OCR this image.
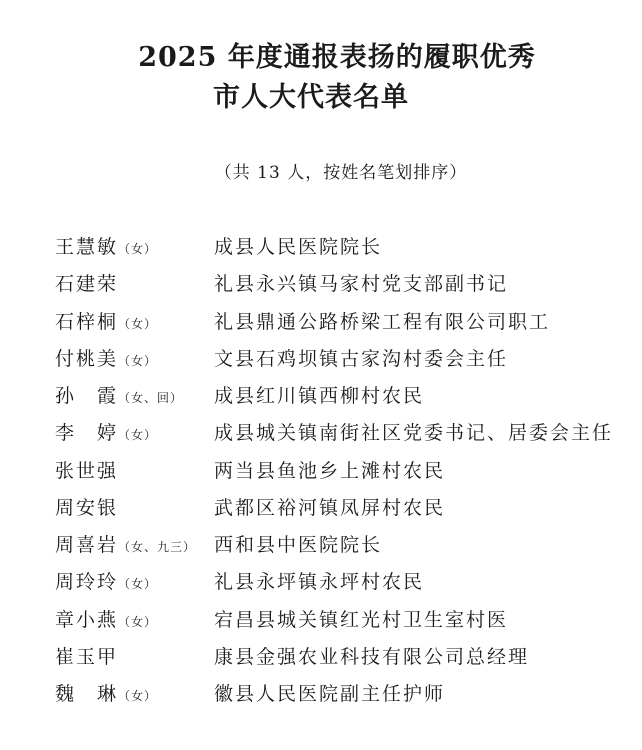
2025 年度通报表扬的履职优秀
市人大代表名单
（共 13 人，按姓名笔划排序）
王慧敏（女）	成县人民医院院长
石建荣	礼县永兴镇马家村党支部副书记
石梓桐（女）	礼县鼎通公路桥梁工程有限公司职工
付桃美（女）	文县石鸡坝镇古家沟村委会主任
孙　霞（女、回） 成县红川镇西柳村农民
李　婷（女）	成县城关镇南街社区党委书记、居委会主任
张世强	两当县鱼池乡上滩村农民
周安银	武都区裕河镇凤屏村农民
周喜岩（女、九三） 西和县中医院院长
周玲玲（女）	礼县永坪镇永坪村农民
章小燕（女）	宕昌县城关镇红光村卫生室村医
崔玉甲	康县金强农业科技有限公司总经理
魏　琳（女）	徽县人民医院副主任护师
